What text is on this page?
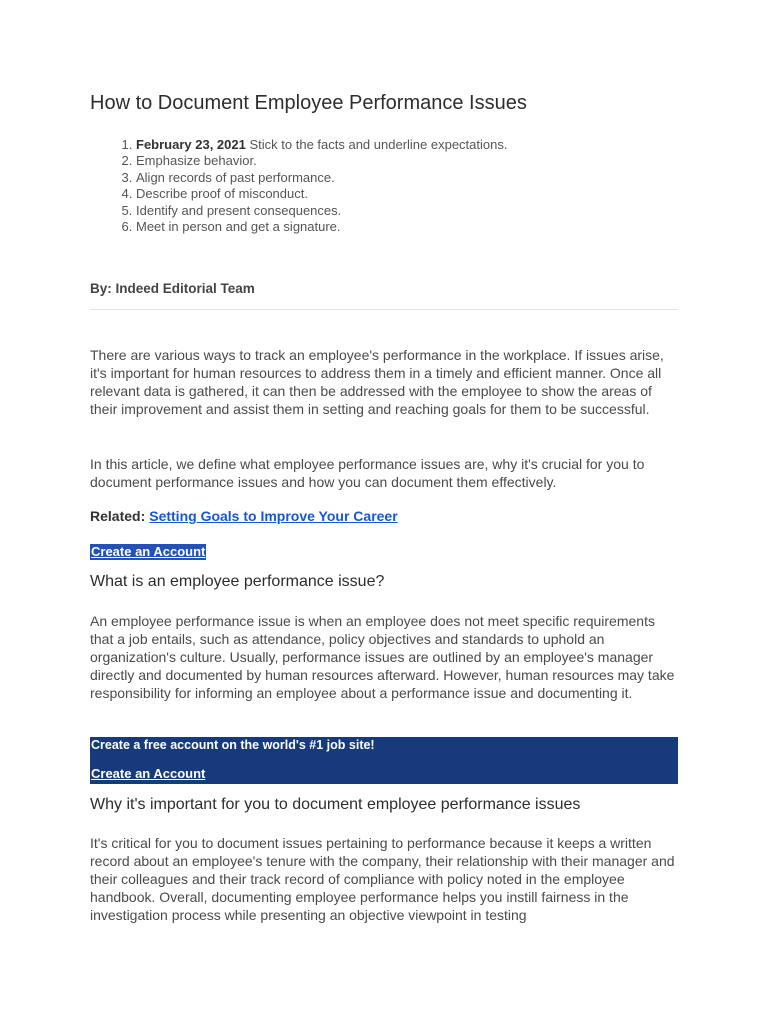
How to Document Employee Performance Issues
1. February 23, 2021 Stick to the facts and underline expectations.
2. Emphasize behavior.
3. Align records of past performance.
4. Describe proof of misconduct.
5. Identify and present consequences.
6. Meet in person and get a signature.
By: Indeed Editorial Team

There are various ways to track an employee's performance in the workplace. If issues arise, it's important for human resources to address them in a timely and efficient manner. Once all relevant data is gathered, it can then be addressed with the employee to show the areas of their improvement and assist them in setting and reaching goals for them to be successful.

In this article, we define what employee performance issues are, why it's crucial for you to document performance issues and how you can document them effectively.

Related: Setting Goals to Improve Your Career
Create an Account
What is an employee performance issue?

An employee performance issue is when an employee does not meet specific requirements that a job entails, such as attendance, policy objectives and standards to uphold an organization's culture. Usually, performance issues are outlined by an employee's manager directly and documented by human resources afterward. However, human resources may take responsibility for informing an employee about a performance issue and documenting it.

Create a free account on the world's #1 job site!
Create an Account
Why it's important for you to document employee performance issues

It's critical for you to document issues pertaining to performance because it keeps a written record about an employee's tenure with the company, their relationship with their manager and their colleagues and their track record of compliance with policy noted in the employee handbook. Overall, documenting employee performance helps you instill fairness in the investigation process while presenting an objective viewpoint in testing
